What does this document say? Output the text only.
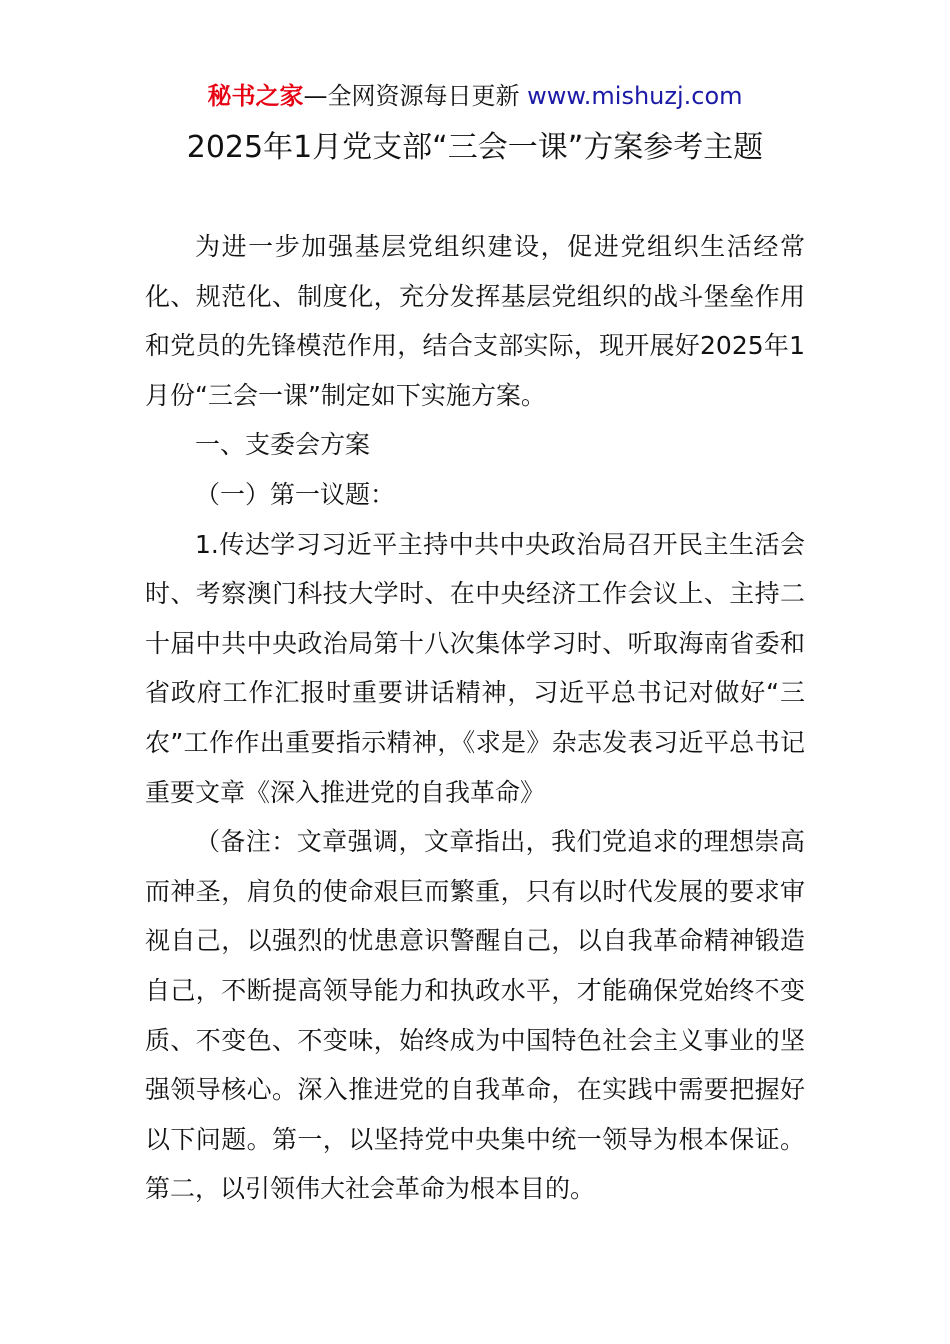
秘书之家—全网资源每日更新 www.mishuzj.com
2025年1月党支部“三会一课”方案参考主题

为进一步加强基层党组织建设，促进党组织生活经常化、规范化、制度化，充分发挥基层党组织的战斗堡垒作用和党员的先锋模范作用，结合支部实际，现开展好2025年1月份“三会一课”制定如下实施方案。

一、支委会方案

（一）第一议题：

1.传达学习习近平主持中共中央政治局召开民主生活会时、考察澳门科技大学时、在中央经济工作会议上、主持二十届中共中央政治局第十八次集体学习时、听取海南省委和省政府工作汇报时重要讲话精神，习近平总书记对做好“三农”工作作出重要指示精神，《求是》杂志发表习近平总书记重要文章《深入推进党的自我革命》

（备注：文章强调，文章指出，我们党追求的理想崇高而神圣，肩负的使命艰巨而繁重，只有以时代发展的要求审视自己，以强烈的忧患意识警醒自己，以自我革命精神锻造自己，不断提高领导能力和执政水平，才能确保党始终不变质、不变色、不变味，始终成为中国特色社会主义事业的坚强领导核心。深入推进党的自我革命，在实践中需要把握好以下问题。第一，以坚持党中央集中统一领导为根本保证。第二，以引领伟大社会革命为根本目的。
